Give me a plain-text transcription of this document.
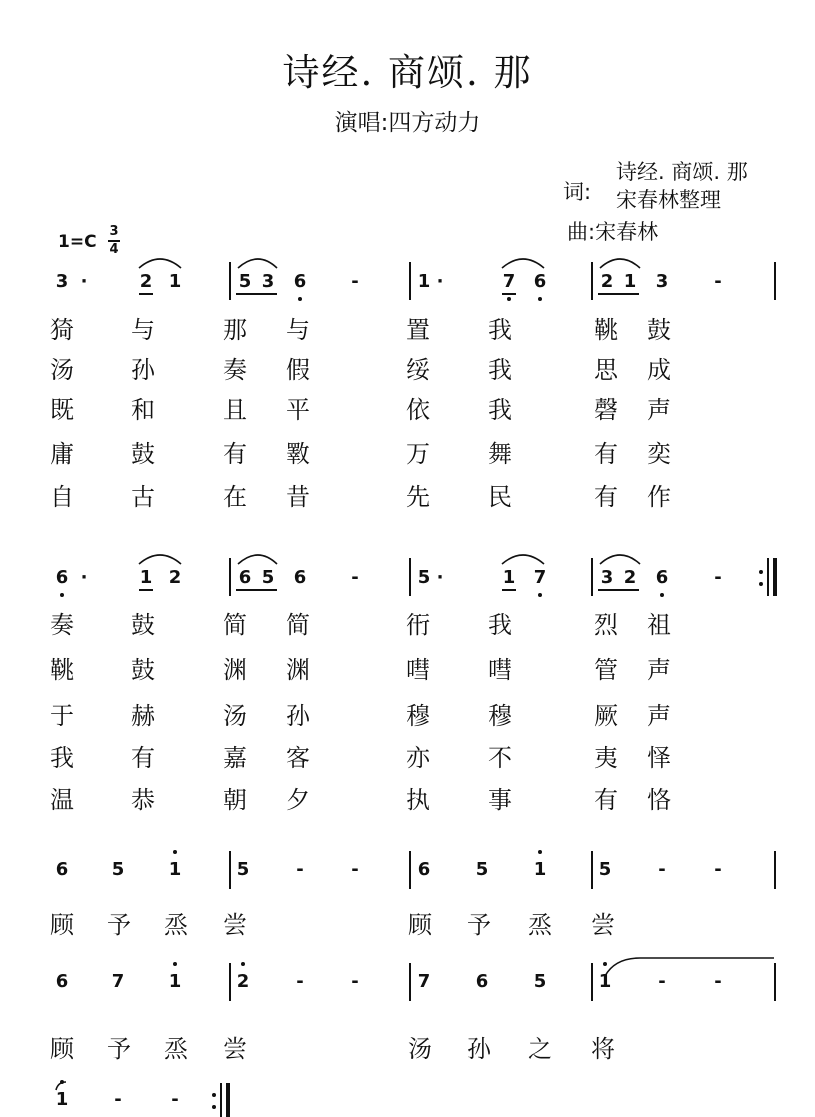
诗经. 商颂. 那
演唱:四方动力
词:
诗经. 商颂. 那
宋春林整理
曲:宋春林
1=C
3
4
3 ·	2 1	5 3 6	-	1 ·	7 6	2 1 3	-
猗 与	那 与	置 我	鞉 鼓
汤 孙	奏 假	绥 我	思 成
既 和	且 平	依 我	磬 声
庸 鼓	有 斁	万 舞	有 奕
自 古	在 昔	先 民	有 作
6 ·	1 2	6 5 6	-	5 ·	1 7	3 2 6	-
奏 鼓	简 简	衎 我	烈 祖
鞉 鼓	渊 渊	嘒 嘒	管 声
于 赫	汤 孙	穆 穆	厥 声
我 有	嘉 客	亦 不	夷 怿
温 恭	朝 夕	执 事	有 恪
6 5 1	5	-	-	6	5	1	5	-	-
顾 予 烝 尝	顾 予 烝 尝
6 7 1	2	-	-	7	6	5	1	-	-
顾 予 烝 尝	汤 孙 之 将
1	-	-
